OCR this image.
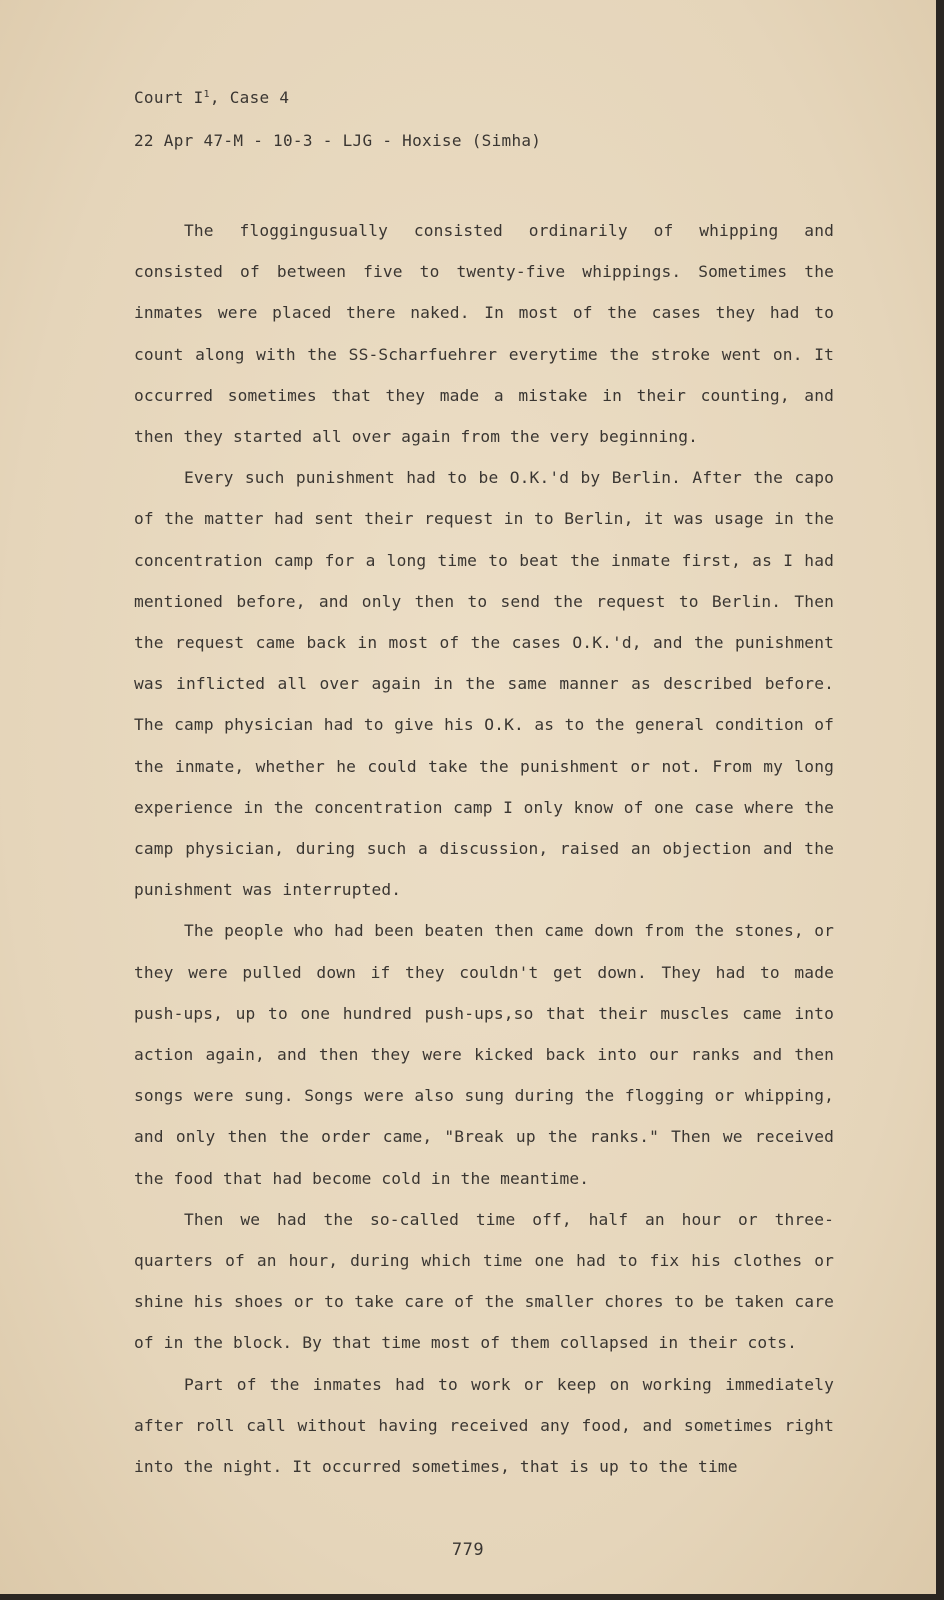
Court $I^1$, Case 4
22 Apr 47-M - 10-3 - LJG - Hoxise (Simha)

The floggingusually consisted ordinarily of whipping and consisted of between five to twenty-five whippings. Sometimes the inmates were placed there naked. In most of the cases they had to count along with the SS-Scharfuehrer everytime the stroke went on. It occurred sometimes that they made a mistake in their counting, and then they started all over again from the very beginning.

Every such punishment had to be O.K.'d by Berlin. After the capo of the matter had sent their request in to Berlin, it was usage in the concentration camp for a long time to beat the inmate first, as I had mentioned before, and only then to send the request to Berlin. Then the request came back in most of the cases O.K.'d, and the punishment was inflicted all over again in the same manner as described before. The camp physician had to give his O.K. as to the general condition of the inmate, whether he could take the punishment or not. From my long experience in the concentration camp I only know of one case where the camp physician, during such a discussion, raised an objection and the punishment was interrupted.

The people who had been beaten then came down from the stones, or they were pulled down if they couldn't get down. They had to made push-ups, up to one hundred push-ups,so that their muscles came into action again, and then they were kicked back into our ranks and then songs were sung. Songs were also sung during the flogging or whipping, and only then the order came, "Break up the ranks." Then we received the food that had become cold in the meantime.

Then we had the so-called time off, half an hour or three-quarters of an hour, during which time one had to fix his clothes or shine his shoes or to take care of the smaller chores to be taken care of in the block. By that time most of them collapsed in their cots.

Part of the inmates had to work or keep on working immediately after roll call without having received any food, and sometimes right into the night. It occurred sometimes, that is up to the time

779
